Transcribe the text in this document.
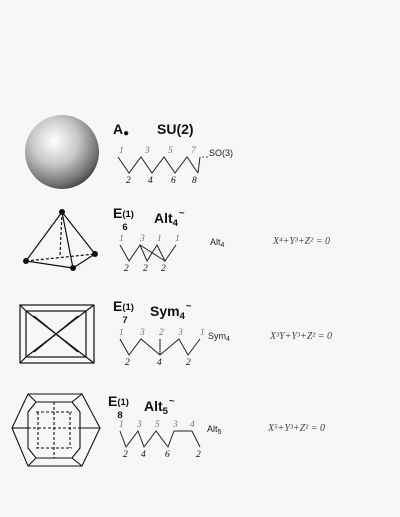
A● SU(2)
SO(3)
1 3 5 7
2 4 6 8
E (1)
6
Alt$_4$~
Alt$_4$	X⁴+Y³+Z² = 0
1 3 1 1
2 2 2
E (1)
7
Sym$_4$~
Sym$_4$	X³Y+Y³+Z² = 0
1 3 2 3 1
2	4	2
E (1)
8
Alt$_5$~
Alt$_5$	X⁵+Y³+Z² = 0
1 3 5 3 4
2 4 6	2
